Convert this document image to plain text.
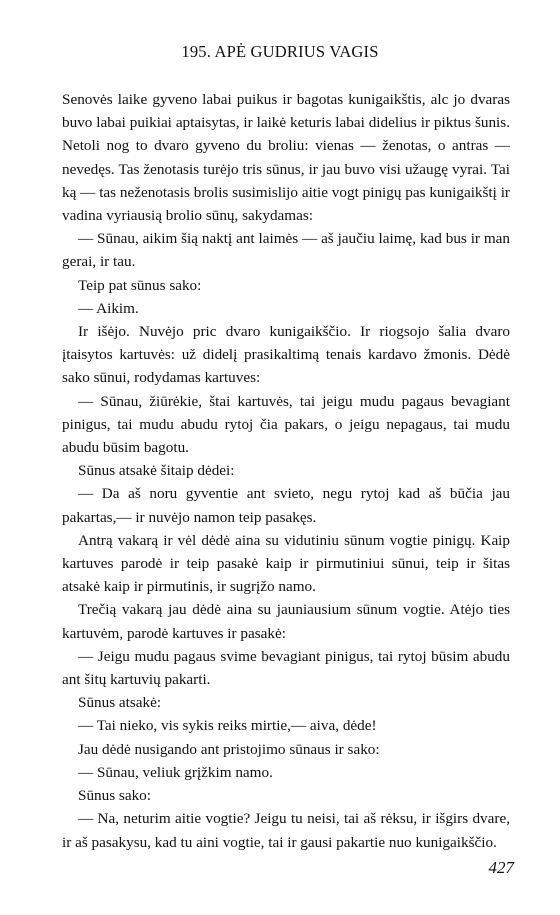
195. APĖ GUDRIUS VAGIS

Senovės laike gyveno labai puikus ir bagotas kunigaikštis, alc jo dvaras buvo labai puikiai aptaisytas, ir laikė keturis labai didelius ir piktus šunis. Netoli nog to dvaro gyveno du broliu: vienas — ženotas, o antras — nevedęs. Tas ženotasis turėjo tris sūnus, ir jau buvo visi užaugę vyrai. Tai ką — tas neženotasis brolis susimislijo aitie vogt pinigų pas kunigaikštį ir vadina vyriausią brolio sūnų, sakydamas:

— Sūnau, aikim šią naktį ant laimės — aš jaučiu laimę, kad bus ir man gerai, ir tau.

Teip pat sūnus sako:

— Aikim.

Ir išėjo. Nuvėjo pric dvaro kunigaikščio. Ir riogsojo šalia dvaro įtaisytos kartuvės: už didelį prasikaltimą tenais kardavo žmonis. Dėdė sako sūnui, rodydamas kartuves:

— Sūnau, žiūrėkie, štai kartuvės, tai jeigu mudu pagaus bevagiant pinigus, tai mudu abudu rytoj čia pakars, o jeigu nepagaus, tai mudu abudu būsim bagotu.

Sūnus atsakė šitaip dėdei:

— Da aš noru gyventie ant svieto, negu rytoj kad aš būčia jau pakartas,— ir nuvėjo namon teip pasakęs.

Antrą vakarą ir vėl dėdė aina su vidutiniu sūnum vogtie pinigų. Kaip kartuves parodė ir teip pasakė kaip ir pirmutiniui sūnui, teip ir šitas atsakė kaip ir pirmutinis, ir sugrįžo namo.

Trečią vakarą jau dėdė aina su jauniausium sūnum vogtie. Atėjo ties kartuvėm, parodė kartuves ir pasakė:

— Jeigu mudu pagaus svime bevagiant pinigus, tai rytoj būsim abudu ant šitų kartuvių pakarti.

Sūnus atsakė:

— Tai nieko, vis sykis reiks mirtie,— aiva, dėde!

Jau dėdė nusigando ant pristojimo sūnaus ir sako:

— Sūnau, veliuk grįžkim namo.

Sūnus sako:

— Na, neturim aitie vogtie? Jeigu tu neisi, tai aš rėksu, ir išgirs dvare, ir aš pasakysu, kad tu aini vogtie, tai ir gausi pakartie nuo kunigaikščio.

427
